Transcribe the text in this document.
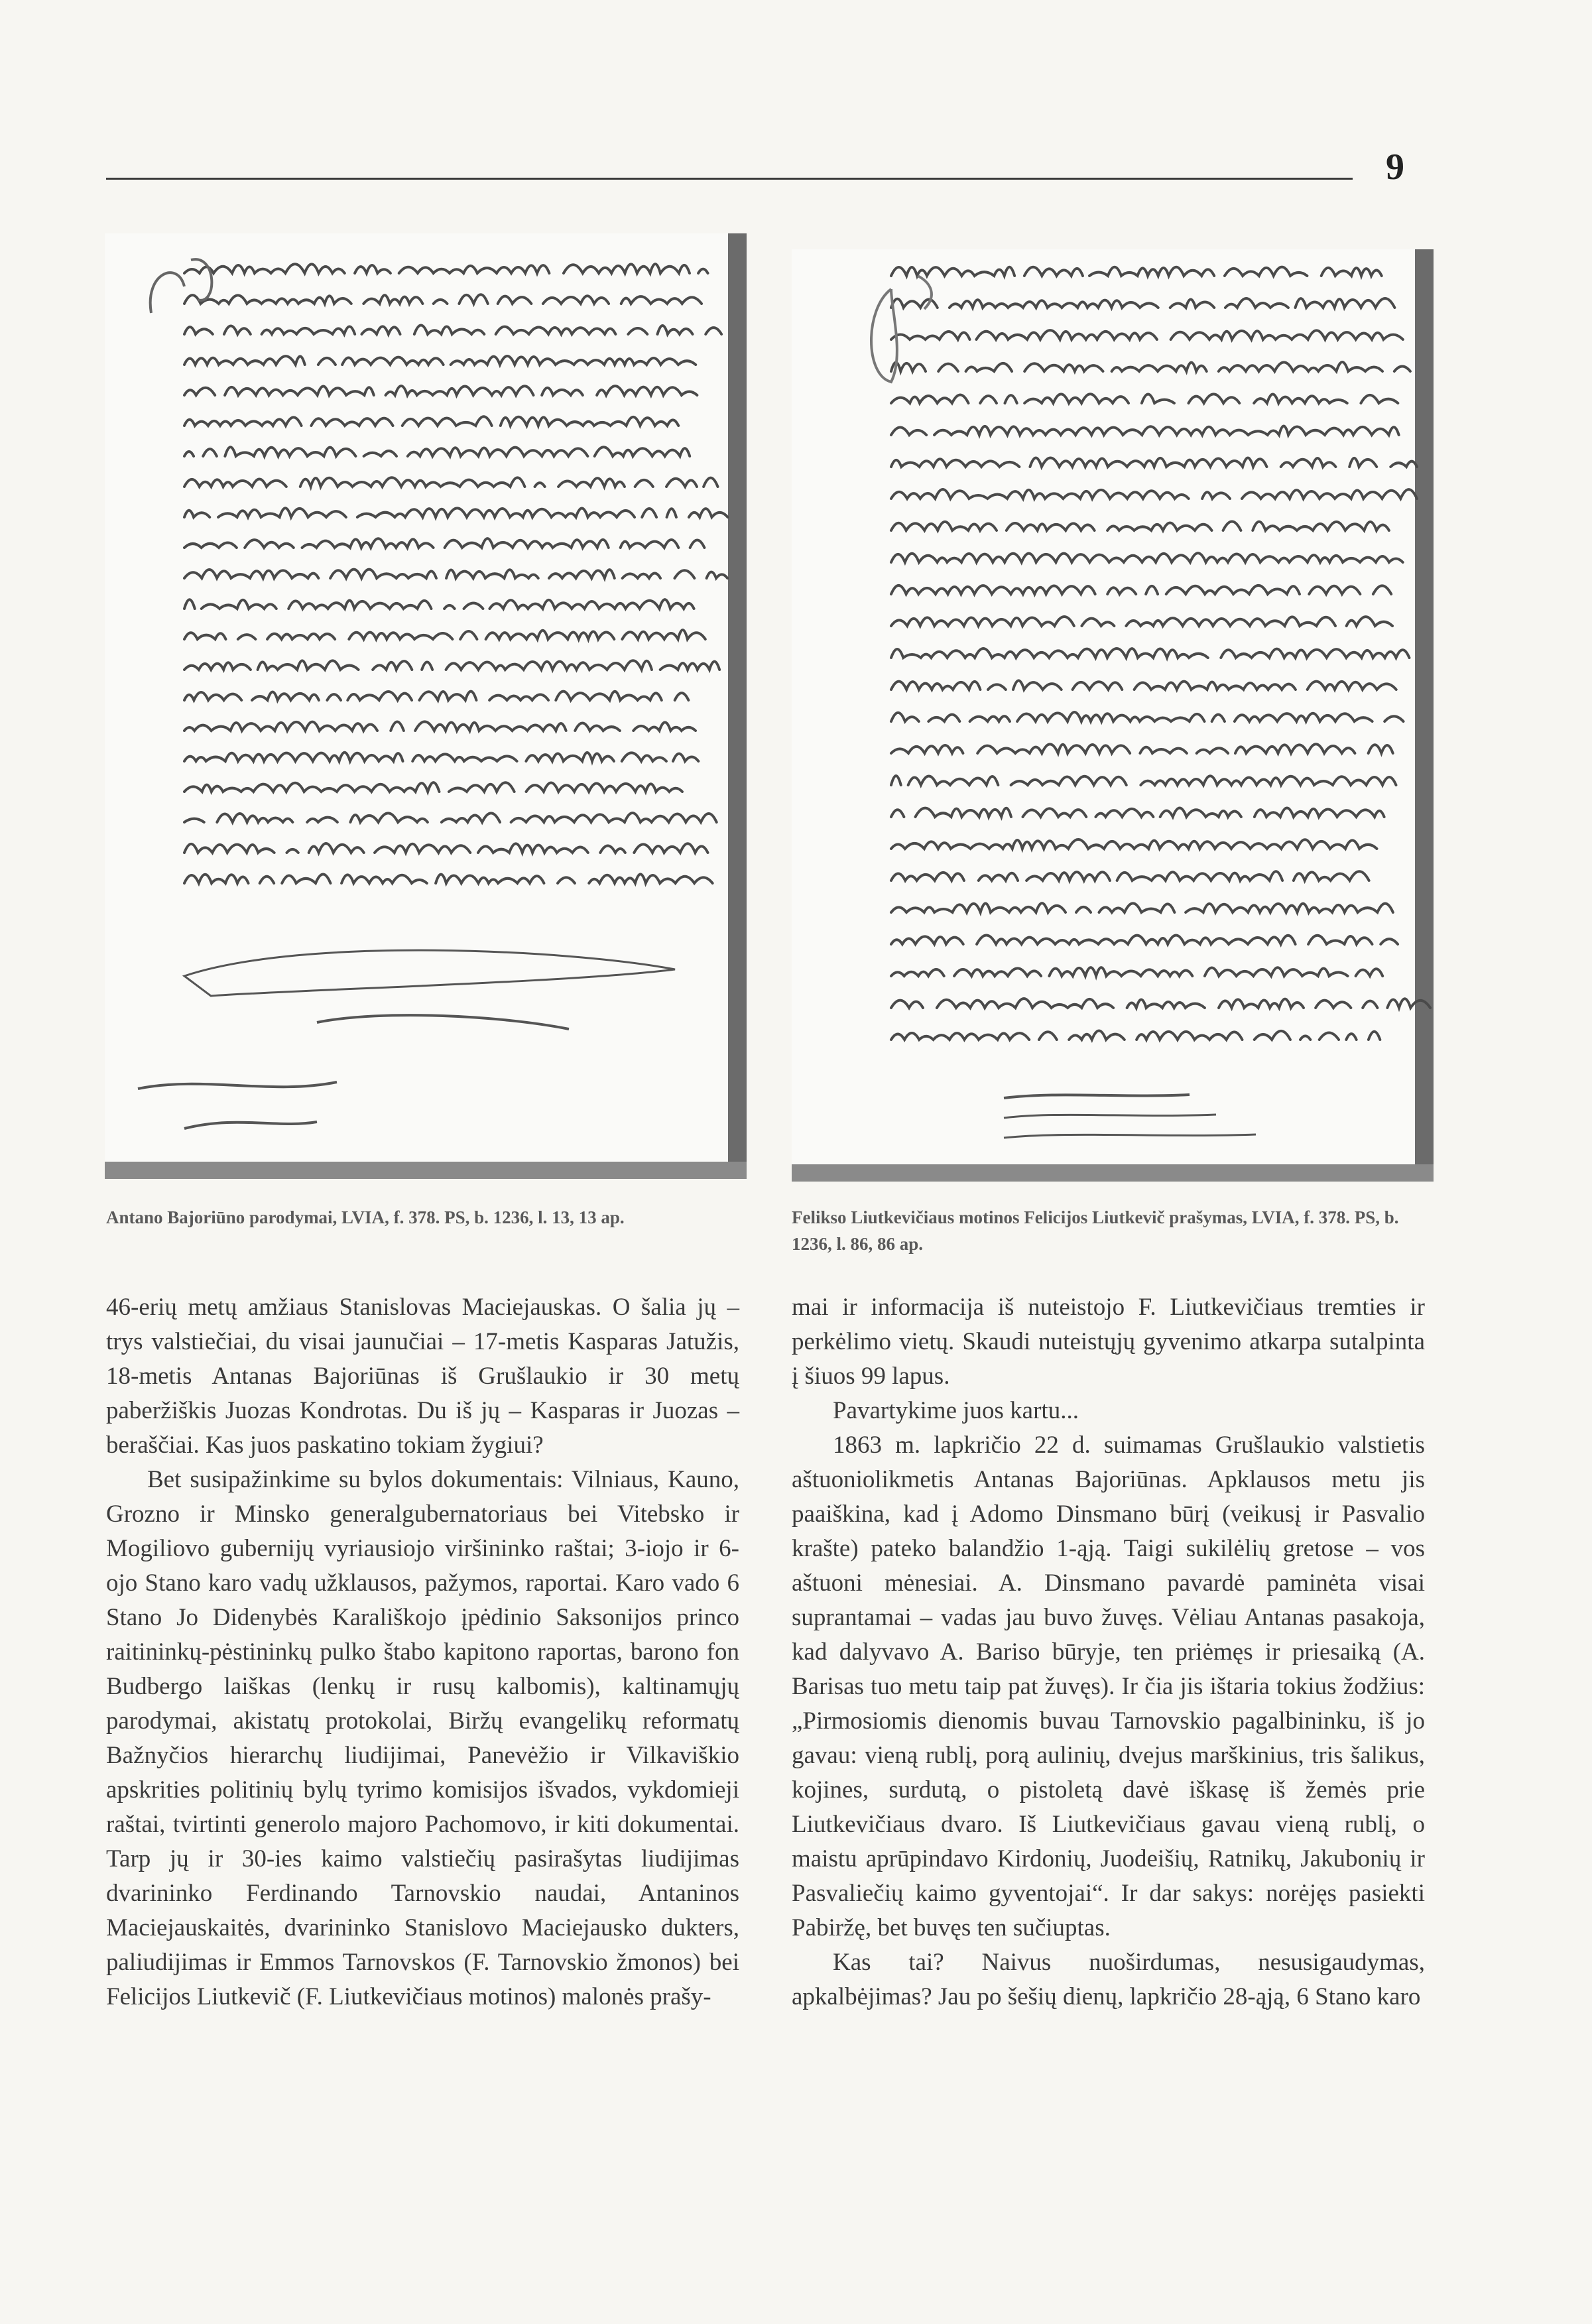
9
Antano Bajoriūno parodymai, LVIA, f. 378. PS, b. 1236, l. 13, 13 ap.	Felikso Liutkevičiaus motinos Felicijos Liutkevič prašymas, LVIA, f. 378. PS, b. 1236, l. 86, 86 ap.

46-erių metų amžiaus Stanislovas Maciejauskas. O šalia jų – trys valstiečiai, du visai jaunučiai – 17-metis Kasparas Jatužis, 18-metis Antanas Bajoriūnas iš Grušlaukio ir 30 metų paberžiškis Juozas Kondrotas. Du iš jų – Kasparas ir Juozas – beraščiai. Kas juos paskatino tokiam žygiui?

Bet susipažinkime su bylos dokumentais: Vilniaus, Kauno, Grozno ir Minsko generalgubernatoriaus bei Vitebsko ir Mogiliovo gubernijų vyriausiojo viršininko raštai; 3-iojo ir 6-ojo Stano karo vadų užklausos, pažymos, raportai. Karo vado 6 Stano Jo Didenybės Karališkojo įpėdinio Saksonijos princo raitininkų-pėstininkų pulko štabo kapitono raportas, barono fon Budbergo laiškas (lenkų ir rusų kalbomis), kaltinamųjų parodymai, akistatų protokolai, Biržų evangelikų reformatų Bažnyčios hierarchų liudijimai, Panevėžio ir Vilkaviškio apskrities politinių bylų tyrimo komisijos išvados, vykdomieji raštai, tvirtinti generolo majoro Pachomovo, ir kiti dokumentai. Tarp jų ir 30-ies kaimo valstiečių pasirašytas liudijimas dvarininko Ferdinando Tarnovskio naudai, Antaninos Maciejauskaitės, dvarininko Stanislovo Maciejausko dukters, paliudijimas ir Emmos Tarnovskos (F. Tarnovskio žmonos) bei Felicijos Liutkevič (F. Liutkevičiaus motinos) malonės prašy-

mai ir informacija iš nuteistojo F. Liutkevičiaus tremties ir perkėlimo vietų. Skaudi nuteistųjų gyvenimo atkarpa sutalpinta į šiuos 99 lapus.

Pavartykime juos kartu...

1863 m. lapkričio 22 d. suimamas Grušlaukio valstietis aštuoniolikmetis Antanas Bajoriūnas. Apklausos metu jis paaiškina, kad į Adomo Dinsmano būrį (veikusį ir Pasvalio krašte) pateko balandžio 1-ąją. Taigi sukilėlių gretose – vos aštuoni mėnesiai. A. Dinsmano pavardė paminėta visai suprantamai – vadas jau buvo žuvęs. Vėliau Antanas pasakoja, kad dalyvavo A. Bariso būryje, ten priėmęs ir priesaiką (A. Barisas tuo metu taip pat žuvęs). Ir čia jis ištaria tokius žodžius: „Pirmosiomis dienomis buvau Tarnovskio pagalbininku, iš jo gavau: vieną rublį, porą aulinių, dvejus marškinius, tris šalikus, kojines, surdutą, o pistoletą davė iškasę iš žemės prie Liutkevičiaus dvaro. Iš Liutkevičiaus gavau vieną rublį, o maistu aprūpindavo Kirdonių, Juodeišių, Ratnikų, Jakubonių ir Pasvaliečių kaimo gyventojai“. Ir dar sakys: norėjęs pasiekti Pabiržę, bet buvęs ten sučiuptas.

Kas tai? Naivus nuoširdumas, nesusigaudymas, apkalbėjimas? Jau po šešių dienų, lapkričio 28-ąją, 6 Stano karo
